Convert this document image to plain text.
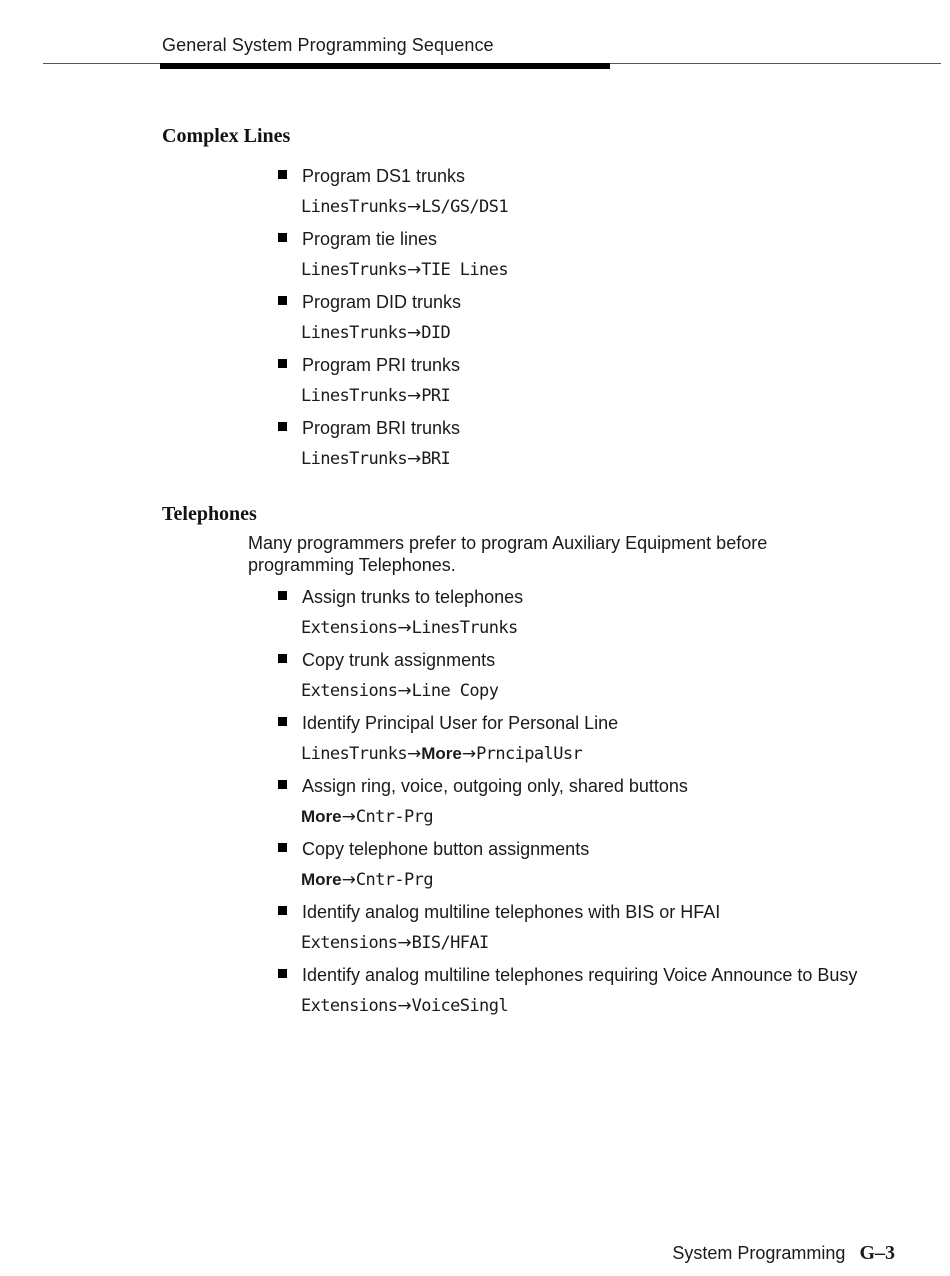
General System Programming Sequence
Complex Lines
Program DS1 trunks
LinesTrunks→LS/GS/DS1
Program tie lines
LinesTrunks→TIE Lines
Program DID trunks
LinesTrunks→DID
Program PRI trunks
LinesTrunks→PRI
Program BRI trunks
LinesTrunks→BRI
Telephones
Many programmers prefer to program Auxiliary Equipment before programming Telephones.
Assign trunks to telephones
Extensions→LinesTrunks
Copy trunk assignments
Extensions→Line Copy
Identify Principal User for Personal Line
LinesTrunks→More→PrncipalUsr
Assign ring, voice, outgoing only, shared buttons
More→Cntr-Prg
Copy telephone button assignments
More→Cntr-Prg
Identify analog multiline telephones with BIS or HFAI
Extensions→BIS/HFAI
Identify analog multiline telephones requiring Voice Announce to Busy
Extensions→VoiceSingl
System Programming G–3
